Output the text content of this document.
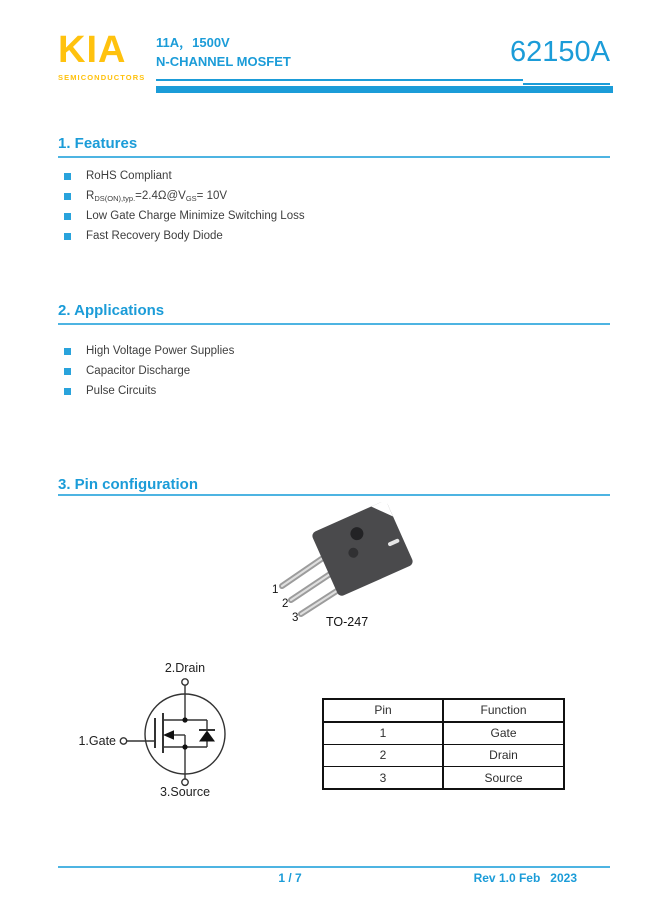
KIA
SEMICONDUCTORS
11A，1500V
N-CHANNEL MOSFET	62150A
1. Features
RoHS Compliant
$R_{DS(ON),typ.}=2.4\Omega@V_{GS}= 10V$
Low Gate Charge Minimize Switching Loss
Fast Recovery Body Diode
2. Applications
High Voltage Power Supplies
Capacitor Discharge
Pulse Circuits
3. Pin configuration
1
2
3 TO-247
2.Drain
1.Gate
3.Source
Pin	Function
1	Gate
2	Drain
3	Source
1 / 7	Rev 1.0 Feb   2023
